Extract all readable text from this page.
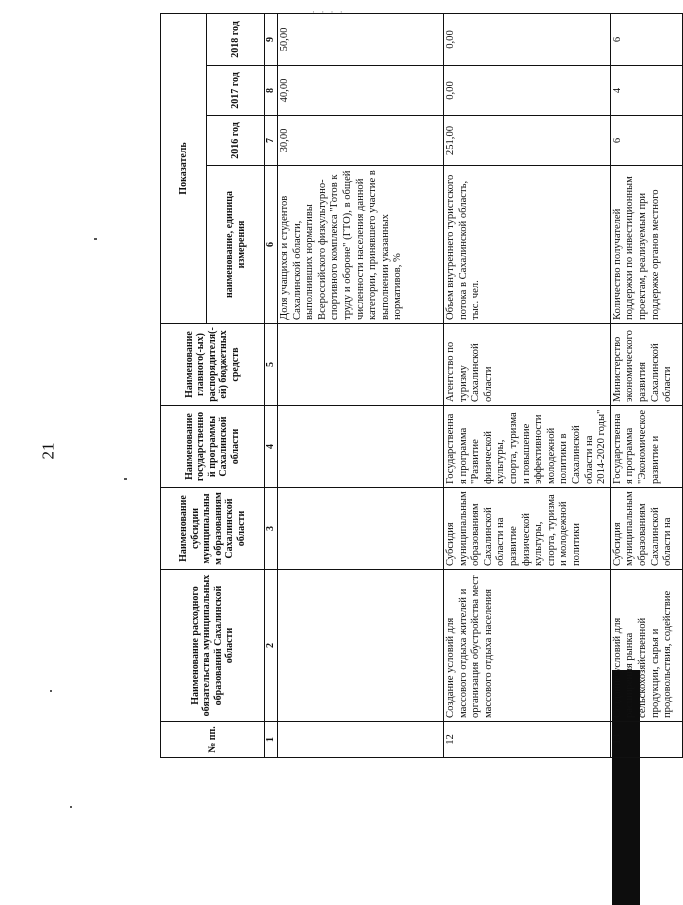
· · · ·
21
№ пп.	Наименование расходного обязательства муниципальных образований Сахалинской области	Наименование субсидии муниципальным образованиям Сахалинской области	Наименование государственной программы Сахалинской области	Наименование главного(-ых) распорядителя(-ей) бюджетных средств	Показатель			
					наименование, единица измерения	2016 год	2017 год	2018 год
1	2	3	4	5	6	7	8	9
					Доля учащихся и студентов Сахалинской области, выполнивших нормативы Всероссийского физкультурно-спортивного комплекса "Готов к труду и обороне" (ГТО), в общей численности населения данной категории, принявшего участие в выполнении указанных нормативов, %	30,00	40,00	50,00
12	Создание условий для массового отдыха жителей и организация обустройства мест массового отдыха населения	Субсидия муниципальным образованиям Сахалинской области на развитие физической культуры, спорта, туризма и молодежной политики	Государственная программа "Развитие физической культуры, спорта, туризма и повышение эффективности молодежной политики в Сахалинской области на 2014-2020 годы"	Агентство по туризму Сахалинской области	Объем внутреннего туристского потока в Сахалинской область, тыс. чел.	251,00	0,00	0,00
13	Создание условий для расширения рынка сельскохозяйственной продукции, сырья и продовольствия, содействие	Субсидия муниципальным образованиям Сахалинской области на	Государственная программа "Экономическое развитие и	Министерство экономического развития Сахалинской области	Количество получателей поддержки по инвестиционным проектам, реализуемым при поддержке органов местного	6	4	6
